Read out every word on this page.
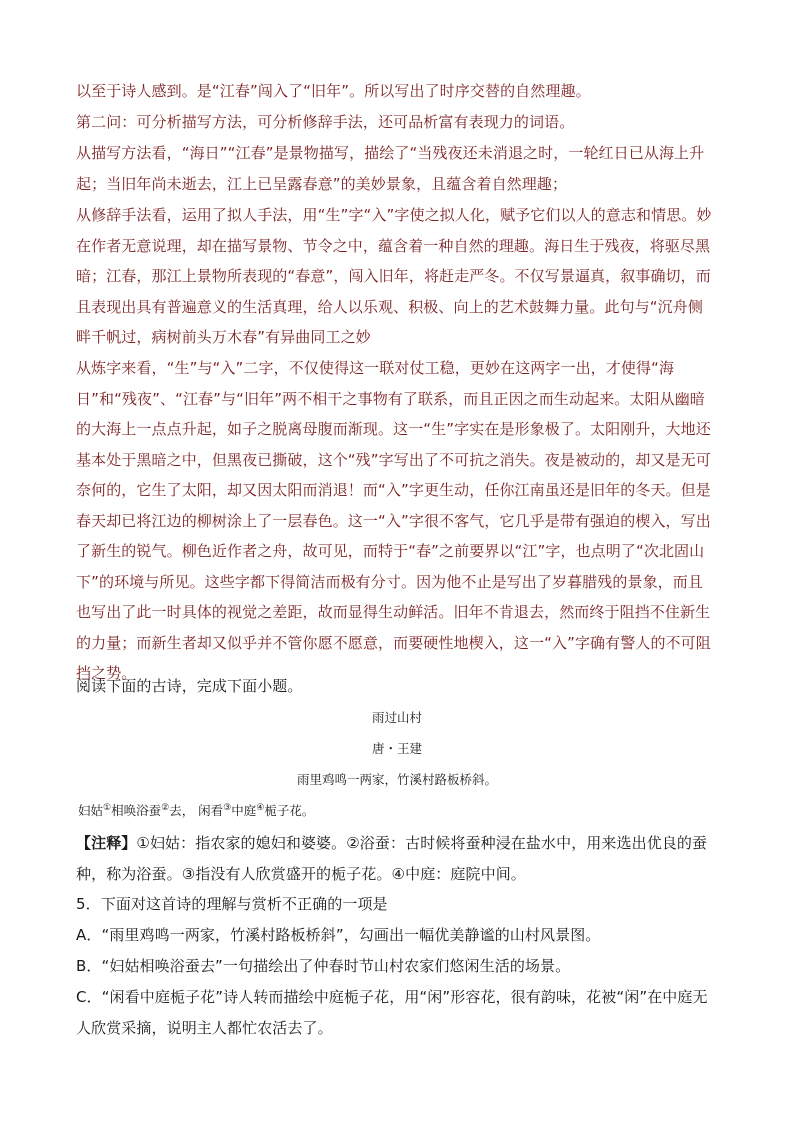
以至于诗人感到。是“江春”闯入了“旧年”。所以写出了时序交替的自然理趣。

第二问：可分析描写方法，可分析修辞手法，还可品析富有表现力的词语。

从描写方法看，“海日”“江春”是景物描写，描绘了“当残夜还未消退之时，一轮红日已从海上升起；当旧年尚未逝去，江上已呈露春意”的美妙景象，且蕴含着自然理趣；

从修辞手法看，运用了拟人手法，用“生”字“入”字使之拟人化，赋予它们以人的意志和情思。妙在作者无意说理，却在描写景物、节令之中，蕴含着一种自然的理趣。海日生于残夜，将驱尽黑暗；江春，那江上景物所表现的“春意”，闯入旧年，将赶走严冬。不仅写景逼真，叙事确切，而且表现出具有普遍意义的生活真理，给人以乐观、积极、向上的艺术鼓舞力量。此句与“沉舟侧畔千帆过，病树前头万木春”有异曲同工之妙

从炼字来看，“生”与“入”二字，不仅使得这一联对仗工稳，更妙在这两字一出，才使得“海日”和“残夜”、“江春”与“旧年”两不相干之事物有了联系，而且正因之而生动起来。太阳从幽暗的大海上一点点升起，如子之脱离母腹而渐现。这一“生”字实在是形象极了。太阳刚升，大地还基本处于黑暗之中，但黑夜已撕破，这个“残”字写出了不可抗之消失。夜是被动的，却又是无可奈何的，它生了太阳，却又因太阳而消退！而“入”字更生动，任你江南虽还是旧年的冬天。但是春天却已将江边的柳树涂上了一层春色。这一“入”字很不客气，它几乎是带有强迫的楔入，写出了新生的锐气。柳色近作者之舟，故可见，而特于“春”之前要界以“江”字，也点明了“次北固山下”的环境与所见。这些字都下得简洁而极有分寸。因为他不止是写出了岁暮腊残的景象，而且也写出了此一时具体的视觉之差距，故而显得生动鲜活。旧年不肯退去，然而终于阻挡不住新生的力量；而新生者却又似乎并不管你愿不愿意，而要硬性地楔入，这一“入”字确有警人的不可阻挡之势。

阅读下面的古诗，完成下面小题。

雨过山村

唐・王建

雨里鸡鸣一两家，竹溪村路板桥斜。

妇姑①相唤浴蚕②去， 闲看③中庭④栀子花。

【注释】①妇姑：指农家的媳妇和婆婆。②浴蚕：古时候将蚕种浸在盐水中，用来选出优良的蚕种，称为浴蚕。③指没有人欣赏盛开的栀子花。④中庭：庭院中间。

5．下面对这首诗的理解与赏析不正确的一项是

A．“雨里鸡鸣一两家，竹溪村路板桥斜”，勾画出一幅优美静谧的山村风景图。

B．“妇姑相唤浴蚕去”一句描绘出了仲春时节山村农家们悠闲生活的场景。

C．“闲看中庭栀子花”诗人转而描绘中庭栀子花，用“闲”形容花，很有韵味，花被“闲”在中庭无人欣赏采摘，说明主人都忙农活去了。
